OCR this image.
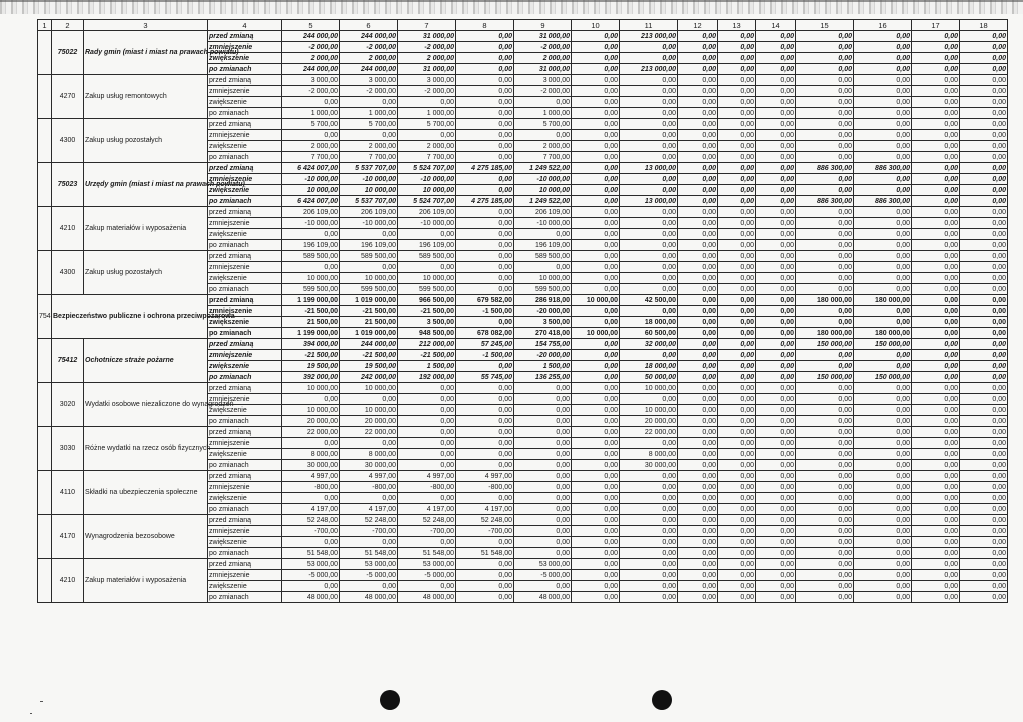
1	2	3	4	5	6	7	8	9	10	11	12	13	14	15	16	17	18
	75022	Rady gmin (miast i miast na prawach powiatu)	przed zmianą	244 000,00	244 000,00	31 000,00	0,00	31 000,00	0,00	213 000,00	0,00	0,00	0,00	0,00	0,00	0,00	0,00
			zmniejszenie	-2 000,00	-2 000,00	-2 000,00	0,00	-2 000,00	0,00	0,00	0,00	0,00	0,00	0,00	0,00	0,00	0,00
			zwiększenie	2 000,00	2 000,00	2 000,00	0,00	2 000,00	0,00	0,00	0,00	0,00	0,00	0,00	0,00	0,00	0,00
			po zmianach	244 000,00	244 000,00	31 000,00	0,00	31 000,00	0,00	213 000,00	0,00	0,00	0,00	0,00	0,00	0,00	0,00
	4270	Zakup usług remontowych	przed zmianą	3 000,00	3 000,00	3 000,00	0,00	3 000,00	0,00	0,00	0,00	0,00	0,00	0,00	0,00	0,00	0,00
			zmniejszenie	-2 000,00	-2 000,00	-2 000,00	0,00	-2 000,00	0,00	0,00	0,00	0,00	0,00	0,00	0,00	0,00	0,00
			zwiększenie	0,00	0,00	0,00	0,00	0,00	0,00	0,00	0,00	0,00	0,00	0,00	0,00	0,00	0,00
			po zmianach	1 000,00	1 000,00	1 000,00	0,00	1 000,00	0,00	0,00	0,00	0,00	0,00	0,00	0,00	0,00	0,00
	4300	Zakup usług pozostałych	przed zmianą	5 700,00	5 700,00	5 700,00	0,00	5 700,00	0,00	0,00	0,00	0,00	0,00	0,00	0,00	0,00	0,00
			zmniejszenie	0,00	0,00	0,00	0,00	0,00	0,00	0,00	0,00	0,00	0,00	0,00	0,00	0,00	0,00
			zwiększenie	2 000,00	2 000,00	2 000,00	0,00	2 000,00	0,00	0,00	0,00	0,00	0,00	0,00	0,00	0,00	0,00
			po zmianach	7 700,00	7 700,00	7 700,00	0,00	7 700,00	0,00	0,00	0,00	0,00	0,00	0,00	0,00	0,00	0,00
	75023	Urzędy gmin (miast i miast na prawach powiatu)	przed zmianą	6 424 007,00	5 537 707,00	5 524 707,00	4 275 185,00	1 249 522,00	0,00	13 000,00	0,00	0,00	0,00	886 300,00	886 300,00	0,00	0,00
			zmniejszenie	-10 000,00	-10 000,00	-10 000,00	0,00	-10 000,00	0,00	0,00	0,00	0,00	0,00	0,00	0,00	0,00	0,00
			zwiększenie	10 000,00	10 000,00	10 000,00	0,00	10 000,00	0,00	0,00	0,00	0,00	0,00	0,00	0,00	0,00	0,00
			po zmianach	6 424 007,00	5 537 707,00	5 524 707,00	4 275 185,00	1 249 522,00	0,00	13 000,00	0,00	0,00	0,00	886 300,00	886 300,00	0,00	0,00
	4210	Zakup materiałów i wyposażenia	przed zmianą	206 109,00	206 109,00	206 109,00	0,00	206 109,00	0,00	0,00	0,00	0,00	0,00	0,00	0,00	0,00	0,00
			zmniejszenie	-10 000,00	-10 000,00	-10 000,00	0,00	-10 000,00	0,00	0,00	0,00	0,00	0,00	0,00	0,00	0,00	0,00
			zwiększenie	0,00	0,00	0,00	0,00	0,00	0,00	0,00	0,00	0,00	0,00	0,00	0,00	0,00	0,00
			po zmianach	196 109,00	196 109,00	196 109,00	0,00	196 109,00	0,00	0,00	0,00	0,00	0,00	0,00	0,00	0,00	0,00
	4300	Zakup usług pozostałych	przed zmianą	589 500,00	589 500,00	589 500,00	0,00	589 500,00	0,00	0,00	0,00	0,00	0,00	0,00	0,00	0,00	0,00
			zmniejszenie	0,00	0,00	0,00	0,00	0,00	0,00	0,00	0,00	0,00	0,00	0,00	0,00	0,00	0,00
			zwiększenie	10 000,00	10 000,00	10 000,00	0,00	10 000,00	0,00	0,00	0,00	0,00	0,00	0,00	0,00	0,00	0,00
			po zmianach	599 500,00	599 500,00	599 500,00	0,00	599 500,00	0,00	0,00	0,00	0,00	0,00	0,00	0,00	0,00	0,00
754	Bezpieczeństwo publiczne i ochrona przeciwpożarowa		przed zmianą	1 199 000,00	1 019 000,00	966 500,00	679 582,00	286 918,00	10 000,00	42 500,00	0,00	0,00	0,00	180 000,00	180 000,00	0,00	0,00
			zmniejszenie	-21 500,00	-21 500,00	-21 500,00	-1 500,00	-20 000,00	0,00	0,00	0,00	0,00	0,00	0,00	0,00	0,00	0,00
			zwiększenie	21 500,00	21 500,00	3 500,00	0,00	3 500,00	0,00	18 000,00	0,00	0,00	0,00	0,00	0,00	0,00	0,00
			po zmianach	1 199 000,00	1 019 000,00	948 500,00	678 082,00	270 418,00	10 000,00	60 500,00	0,00	0,00	0,00	180 000,00	180 000,00	0,00	0,00
	75412	Ochotnicze straże pożarne	przed zmianą	394 000,00	244 000,00	212 000,00	57 245,00	154 755,00	0,00	32 000,00	0,00	0,00	0,00	150 000,00	150 000,00	0,00	0,00
			zmniejszenie	-21 500,00	-21 500,00	-21 500,00	-1 500,00	-20 000,00	0,00	0,00	0,00	0,00	0,00	0,00	0,00	0,00	0,00
			zwiększenie	19 500,00	19 500,00	1 500,00	0,00	1 500,00	0,00	18 000,00	0,00	0,00	0,00	0,00	0,00	0,00	0,00
			po zmianach	392 000,00	242 000,00	192 000,00	55 745,00	136 255,00	0,00	50 000,00	0,00	0,00	0,00	150 000,00	150 000,00	0,00	0,00
	3020	Wydatki osobowe niezaliczone do wynagrodzeń	przed zmianą	10 000,00	10 000,00	0,00	0,00	0,00	0,00	10 000,00	0,00	0,00	0,00	0,00	0,00	0,00	0,00
			zmniejszenie	0,00	0,00	0,00	0,00	0,00	0,00	0,00	0,00	0,00	0,00	0,00	0,00	0,00	0,00
			zwiększenie	10 000,00	10 000,00	0,00	0,00	0,00	0,00	10 000,00	0,00	0,00	0,00	0,00	0,00	0,00	0,00
			po zmianach	20 000,00	20 000,00	0,00	0,00	0,00	0,00	20 000,00	0,00	0,00	0,00	0,00	0,00	0,00	0,00
	3030	Różne wydatki na rzecz osób fizycznych	przed zmianą	22 000,00	22 000,00	0,00	0,00	0,00	0,00	22 000,00	0,00	0,00	0,00	0,00	0,00	0,00	0,00
			zmniejszenie	0,00	0,00	0,00	0,00	0,00	0,00	0,00	0,00	0,00	0,00	0,00	0,00	0,00	0,00
			zwiększenie	8 000,00	8 000,00	0,00	0,00	0,00	0,00	8 000,00	0,00	0,00	0,00	0,00	0,00	0,00	0,00
			po zmianach	30 000,00	30 000,00	0,00	0,00	0,00	0,00	30 000,00	0,00	0,00	0,00	0,00	0,00	0,00	0,00
	4110	Składki na ubezpieczenia społeczne	przed zmianą	4 997,00	4 997,00	4 997,00	4 997,00	0,00	0,00	0,00	0,00	0,00	0,00	0,00	0,00	0,00	0,00
			zmniejszenie	-800,00	-800,00	-800,00	-800,00	0,00	0,00	0,00	0,00	0,00	0,00	0,00	0,00	0,00	0,00
			zwiększenie	0,00	0,00	0,00	0,00	0,00	0,00	0,00	0,00	0,00	0,00	0,00	0,00	0,00	0,00
			po zmianach	4 197,00	4 197,00	4 197,00	4 197,00	0,00	0,00	0,00	0,00	0,00	0,00	0,00	0,00	0,00	0,00
	4170	Wynagrodzenia bezosobowe	przed zmianą	52 248,00	52 248,00	52 248,00	52 248,00	0,00	0,00	0,00	0,00	0,00	0,00	0,00	0,00	0,00	0,00
			zmniejszenie	-700,00	-700,00	-700,00	-700,00	0,00	0,00	0,00	0,00	0,00	0,00	0,00	0,00	0,00	0,00
			zwiększenie	0,00	0,00	0,00	0,00	0,00	0,00	0,00	0,00	0,00	0,00	0,00	0,00	0,00	0,00
			po zmianach	51 548,00	51 548,00	51 548,00	51 548,00	0,00	0,00	0,00	0,00	0,00	0,00	0,00	0,00	0,00	0,00
	4210	Zakup materiałów i wyposażenia	przed zmianą	53 000,00	53 000,00	53 000,00	0,00	53 000,00	0,00	0,00	0,00	0,00	0,00	0,00	0,00	0,00	0,00
			zmniejszenie	-5 000,00	-5 000,00	-5 000,00	0,00	-5 000,00	0,00	0,00	0,00	0,00	0,00	0,00	0,00	0,00	0,00
			zwiększenie	0,00	0,00	0,00	0,00	0,00	0,00	0,00	0,00	0,00	0,00	0,00	0,00	0,00	0,00
			po zmianach	48 000,00	48 000,00	48 000,00	0,00	48 000,00	0,00	0,00	0,00	0,00	0,00	0,00	0,00	0,00	0,00
